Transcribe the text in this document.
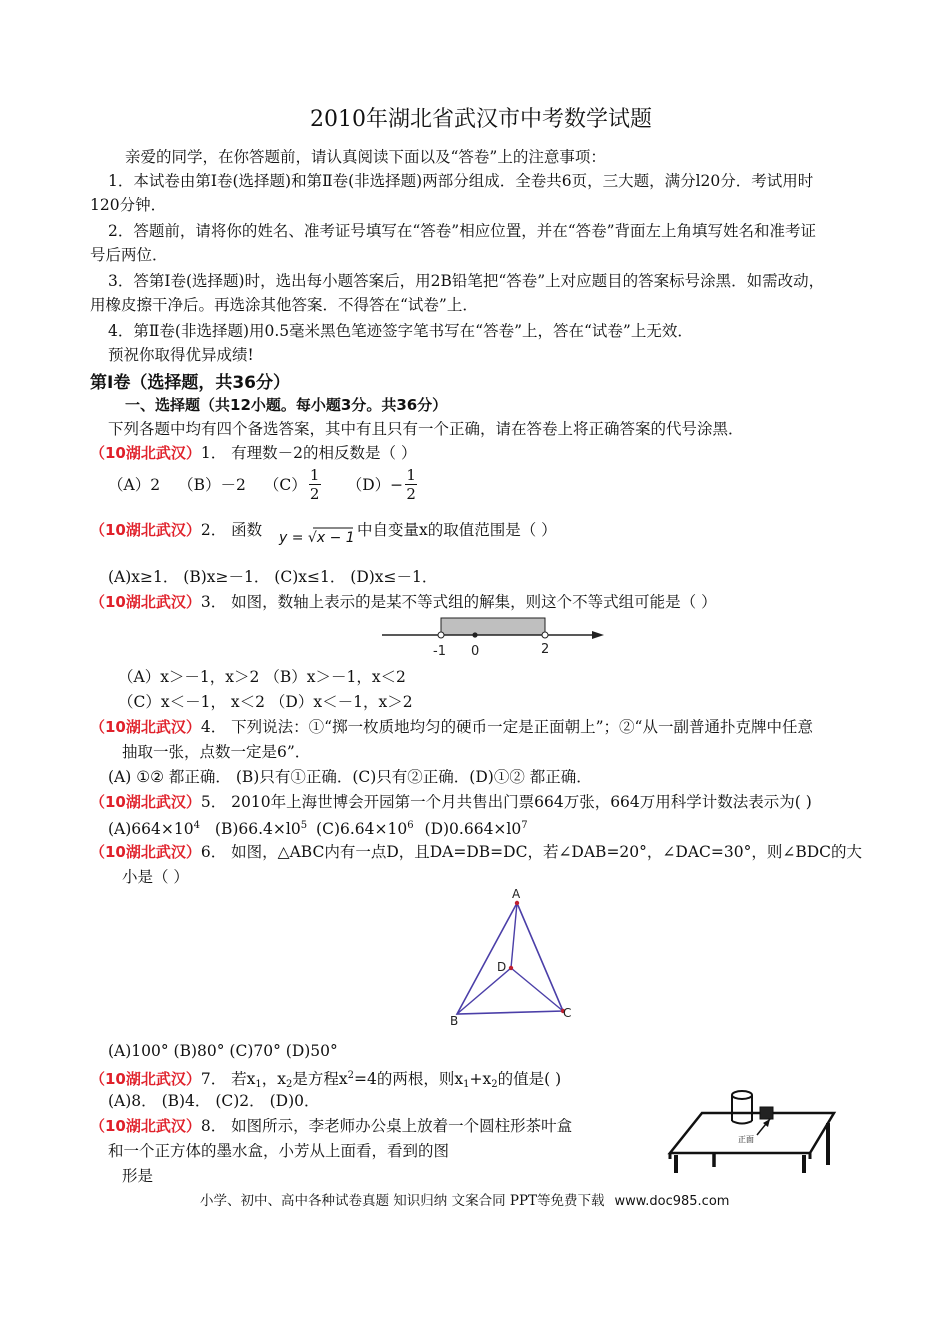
2010年湖北省武汉市中考数学试题
亲爱的同学，在你答题前，请认真阅读下面以及“答卷”上的注意事项：
1．本试卷由第Ⅰ卷(选择题)和第Ⅱ卷(非选择题)两部分组成．全卷共6页，三大题，满分l20分．考试用时
120分钟．
2．答题前，请将你的姓名、准考证号填写在“答卷”相应位置，并在“答卷”背面左上角填写姓名和准考证
号后两位．
3．答第Ⅰ卷(选择题)时，选出每小题答案后，用2B铅笔把“答卷”上对应题目的答案标号涂黑．如需改动，
用橡皮擦干净后。再选涂其他答案．不得答在“试卷”上．
4．第Ⅱ卷(非选择题)用0.5毫米黑色笔迹签字笔书写在“答卷”上，答在“试卷”上无效．
预祝你取得优异成绩!
第Ⅰ卷（选择题，共36分）
一、选择题（共12小题。每小题3分。共36分）
下列各题中均有四个备选答案，其中有且只有一个正确，请在答卷上将正确答案的代号涂黑．
（10湖北武汉）1． 有理数－2的相反数是（ ）
（A）2 （B）－2 $(C) \frac{1}{2} (D)- \frac{1}{2}$
（10湖北武汉）2． 函数 y = √x − 1 中自变量x的取值范围是（ ）
(A)x≥1． (B)x≥－1． (C)x≤1． (D)x≤－1．
（10湖北武汉）3． 如图，数轴上表示的是某不等式组的解集，则这个不等式组可能是（ ）
-1 0	2
（A）x＞－1，x＞2 （B）x＞－1，x＜2
（C）x＜－1， x＜2 （D）x＜－1，x＞2
（10湖北武汉）4． 下列说法：①“掷一枚质地均匀的硬币一定是正面朝上”；②“从一副普通扑克牌中任意
抽取一张，点数一定是6”．
(A) ①② 都正确． (B)只有①正确．(C)只有②正确．(D)①② 都正确．
（10湖北武汉）5． 2010年上海世博会开园第一个月共售出门票664万张，664万用科学计数法表示为( )
$(A)664\times 10^4$ $(B)66.4\times l0^5$ $(C)6.64\times 10^6$ $(D)0.664\times l0^7$
（10湖北武汉）6． 如图，△ABC内有一点D，且DA=DB=DC，若∠DAB=20°，∠DAC=30°，则∠BDC的大
小是（ ）
A
D
B
C
(A)100° (B)80° (C)70° (D)50°
（10湖北武汉）7． 若$x_1$，$x_2$是方程$x^2=4$的两根，则$x_1+x_2$的值是( )
(A)8． (B)4． (C)2． (D)0．
（10湖北武汉）8． 如图所示，李老师办公桌上放着一个圆柱形茶叶盒
和一个正方体的墨水盒，小芳从上面看，看到的图
形是
正面
小学、初中、高中各种试卷真题 知识归纳 文案合同 PPT等免费下载 www.doc985.com
